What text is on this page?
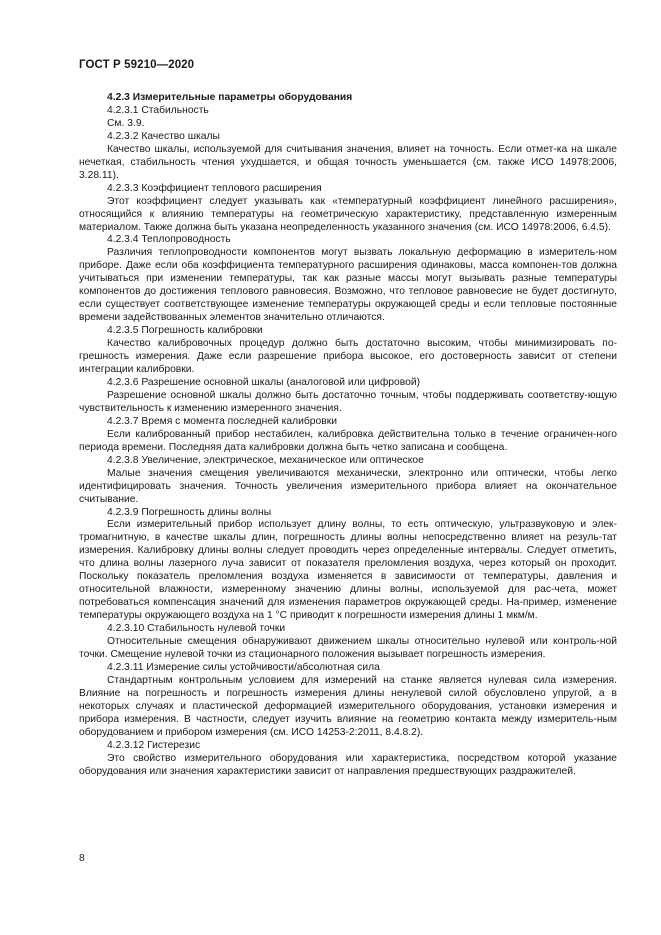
ГОСТ Р 59210—2020

4.2.3 Измерительные параметры оборудования

4.2.3.1 Стабильность

См. 3.9.

4.2.3.2 Качество шкалы

Качество шкалы, используемой для считывания значения, влияет на точность. Если отмет-ка на шкале нечеткая, стабильность чтения ухудшается, и общая точность уменьшается (см. также ИСО 14978:2006, 3.28.11).

4.2.3.3 Коэффициент теплового расширения

Этот коэффициент следует указывать как «температурный коэффициент линейного расширения», относящийся к влиянию температуры на геометрическую характеристику, представленную измеренным материалом. Также должна быть указана неопределенность указанного значения (см. ИСО 14978:2006, 6.4.5).

4.2.3.4 Теплопроводность

Различия теплопроводности компонентов могут вызвать локальную деформацию в измеритель-ном приборе. Даже если оба коэффициента температурного расширения одинаковы, масса компонен-тов должна учитываться при изменении температуры, так как разные массы могут вызывать разные температуры компонентов до достижения теплового равновесия. Возможно, что тепловое равновесие не будет достигнуто, если существует соответствующее изменение температуры окружающей среды и если тепловые постоянные времени задействованных элементов значительно отличаются.

4.2.3.5 Погрешность калибровки

Качество калибровочных процедур должно быть достаточно высоким, чтобы минимизировать по-грешность измерения. Даже если разрешение прибора высокое, его достоверность зависит от степени интеграции калибровки.

4.2.3.6 Разрешение основной шкалы (аналоговой или цифровой)

Разрешение основной шкалы должно быть достаточно точным, чтобы поддерживать соответству-ющую чувствительность к изменению измеренного значения.

4.2.3.7 Время с момента последней калибровки

Если калиброванный прибор нестабилен, калибровка действительна только в течение ограничен-ного периода времени. Последняя дата калибровки должна быть четко записана и сообщена.

4.2.3.8 Увеличение, электрическое, механическое или оптическое

Малые значения смещения увеличиваются механически, электронно или оптически, чтобы легко идентифицировать значения. Точность увеличения измерительного прибора влияет на окончательное считывание.

4.2.3.9 Погрешность длины волны

Если измерительный прибор использует длину волны, то есть оптическую, ультразвуковую и элек-тромагнитную, в качестве шкалы длин, погрешность длины волны непосредственно влияет на резуль-тат измерения. Калибровку длины волны следует проводить через определенные интервалы. Следует отметить, что длина волны лазерного луча зависит от показателя преломления воздуха, через который он проходит. Поскольку показатель преломления воздуха изменяется в зависимости от температуры, давления и относительной влажности, измеренному значению длины волны, используемой для рас-чета, может потребоваться компенсация значений для изменения параметров окружающей среды. На-пример, изменение температуры окружающего воздуха на 1 °С приводит к погрешности измерения длины 1 мкм/м.

4.2.3.10 Стабильность нулевой точки

Относительные смещения обнаруживают движением шкалы относительно нулевой или контроль-ной точки. Смещение нулевой точки из стационарного положения вызывает погрешность измерения.

4.2.3.11 Измерение силы устойчивости/абсолютная сила

Стандартным контрольным условием для измерений на станке является нулевая сила измерения. Влияние на погрешность и погрешность измерения длины ненулевой силой обусловлено упругой, а в некоторых случаях и пластической деформацией измерительного оборудования, установки измерения и прибора измерения. В частности, следует изучить влияние на геометрию контакта между измеритель-ным оборудованием и прибором измерения (см. ИСО 14253-2:2011, 8.4.8.2).

4.2.3.12 Гистерезис

Это свойство измерительного оборудования или характеристика, посредством которой указание оборудования или значения характеристики зависит от направления предшествующих раздражителей.

8
